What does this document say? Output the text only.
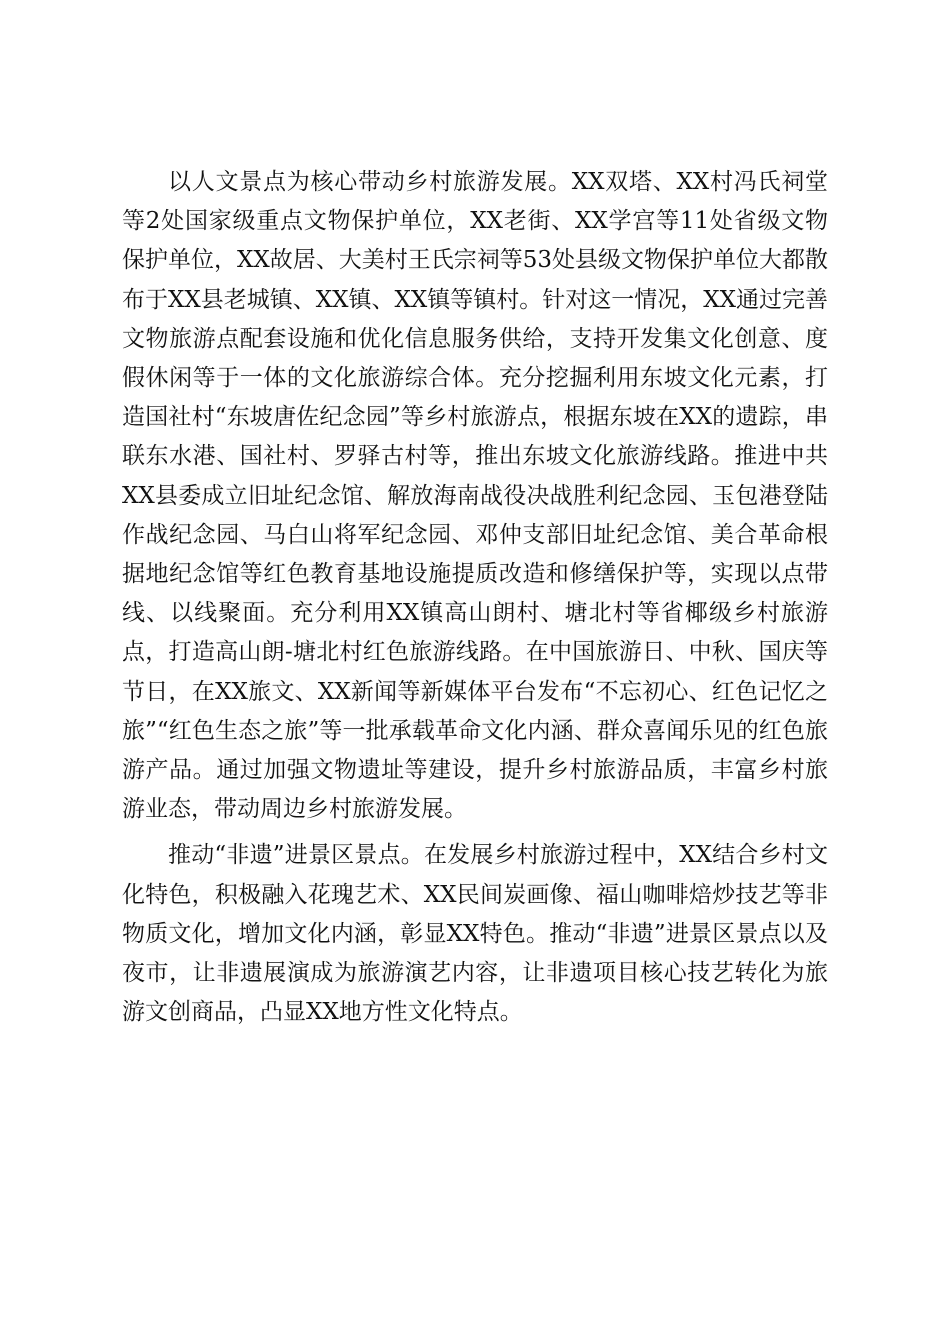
以人文景点为核心带动乡村旅游发展。XX双塔、XX村冯氏祠堂等2处国家级重点文物保护单位，XX老街、XX学宫等11处省级文物保护单位，XX故居、大美村王氏宗祠等53处县级文物保护单位大都散布于XX县老城镇、XX镇、XX镇等镇村。针对这一情况，XX通过完善文物旅游点配套设施和优化信息服务供给，支持开发集文化创意、度假休闲等于一体的文化旅游综合体。充分挖掘利用东坡文化元素，打造国社村“东坡唐佐纪念园”等乡村旅游点，根据东坡在XX的遗踪，串联东水港、国社村、罗驿古村等，推出东坡文化旅游线路。推进中共XX县委成立旧址纪念馆、解放海南战役决战胜利纪念园、玉包港登陆作战纪念园、马白山将军纪念园、邓仲支部旧址纪念馆、美合革命根据地纪念馆等红色教育基地设施提质改造和修缮保护等，实现以点带线、以线聚面。充分利用XX镇高山朗村、塘北村等省椰级乡村旅游点，打造高山朗-塘北村红色旅游线路。在中国旅游日、中秋、国庆等节日，在XX旅文、XX新闻等新媒体平台发布“不忘初心、红色记忆之旅”“红色生态之旅”等一批承载革命文化内涵、群众喜闻乐见的红色旅游产品。通过加强文物遗址等建设，提升乡村旅游品质，丰富乡村旅游业态，带动周边乡村旅游发展。

推动“非遗”进景区景点。在发展乡村旅游过程中，XX结合乡村文化特色，积极融入花瑰艺术、XX民间炭画像、福山咖啡焙炒技艺等非物质文化，增加文化内涵，彰显XX特色。推动“非遗”进景区景点以及夜市，让非遗展演成为旅游演艺内容，让非遗项目核心技艺转化为旅游文创商品，凸显XX地方性文化特点。
